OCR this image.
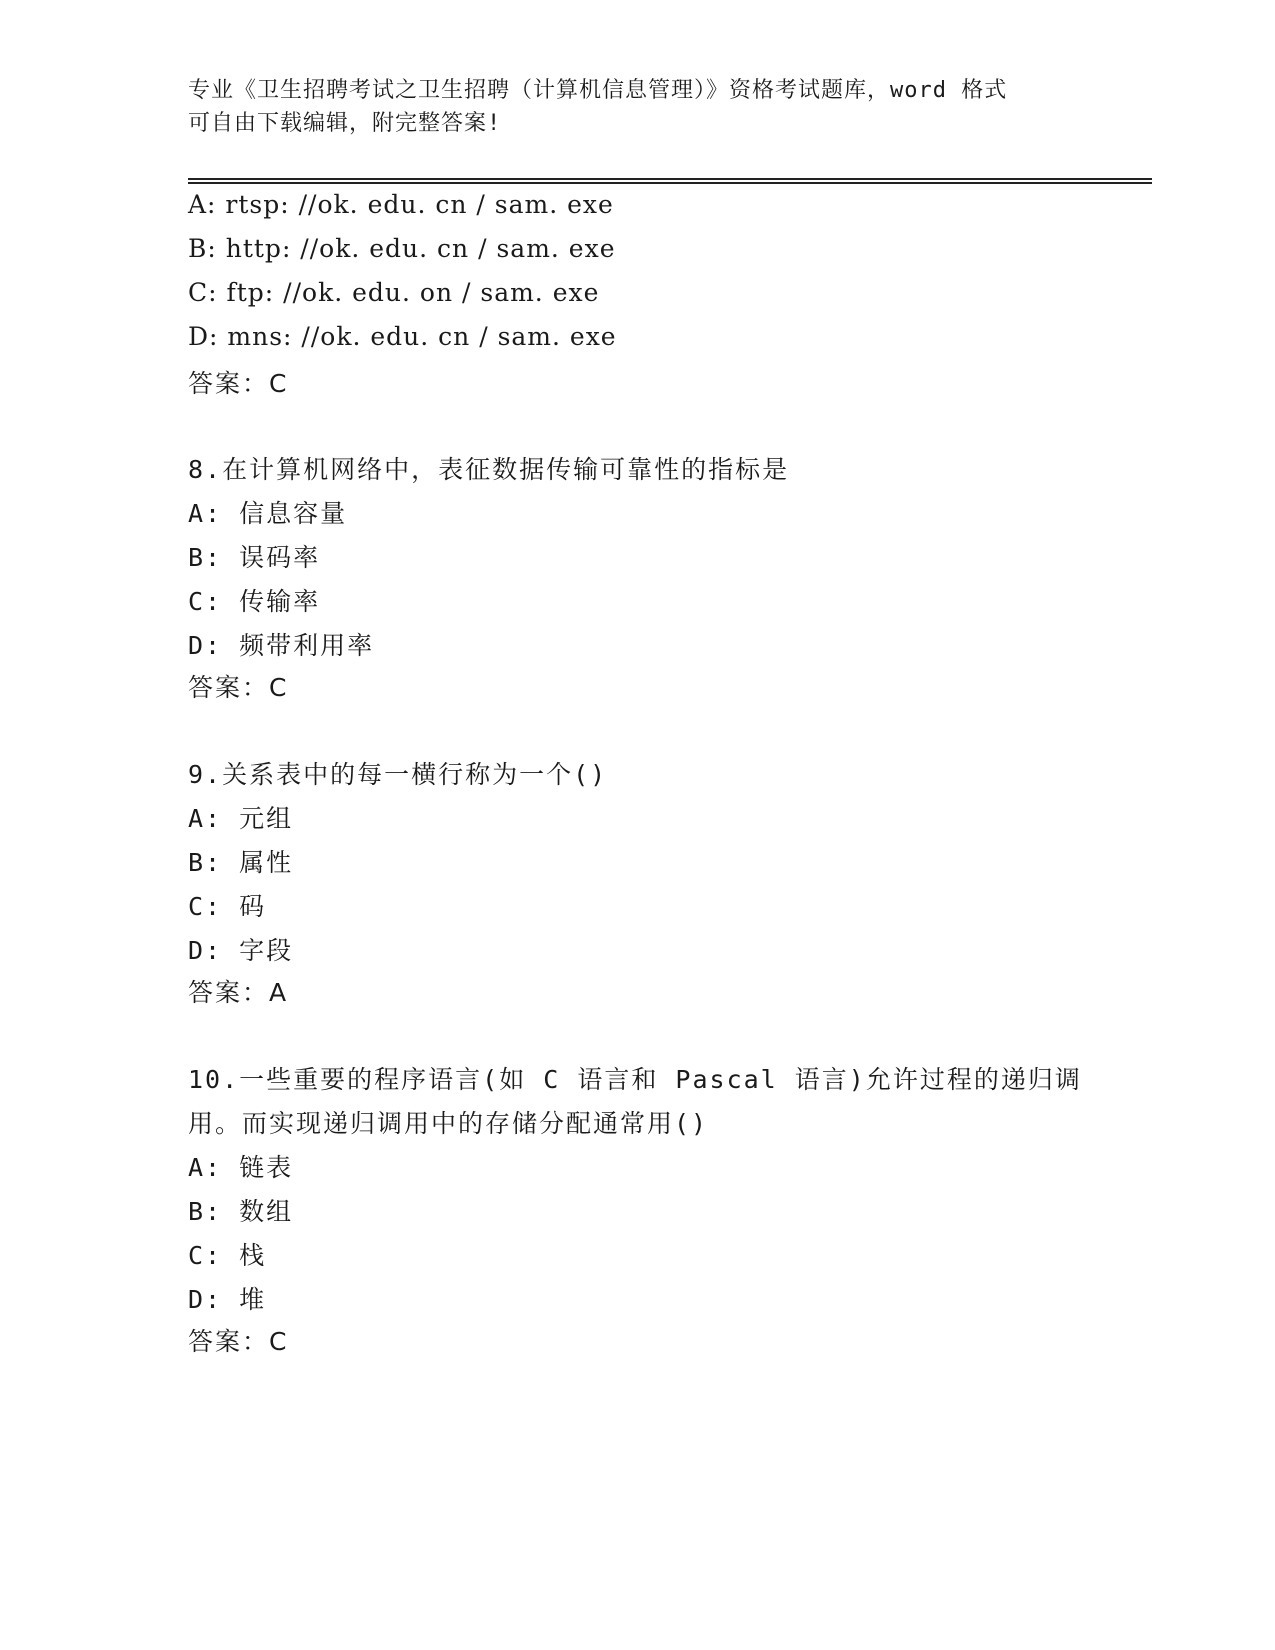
专业《卫生招聘考试之卫生招聘（计算机信息管理）》资格考试题库，word 格式
可自由下载编辑，附完整答案!
A: rtsp: //ok. edu. cn / sam. exe
B: http: //ok. edu. cn / sam. exe
C: ftp: //ok. edu. on / sam. exe
D: mns: //ok. edu. cn / sam. exe
答案：C
8.在计算机网络中，表征数据传输可靠性的指标是
A: 信息容量
B: 误码率
C: 传输率
D: 频带利用率
答案：C
9.关系表中的每一横行称为一个()
A: 元组
B: 属性
C: 码
D: 字段
答案：A
10.一些重要的程序语言(如 C 语言和 Pascal 语言)允许过程的递归调
用。而实现递归调用中的存储分配通常用()
A: 链表
B: 数组
C: 栈
D: 堆
答案：C
